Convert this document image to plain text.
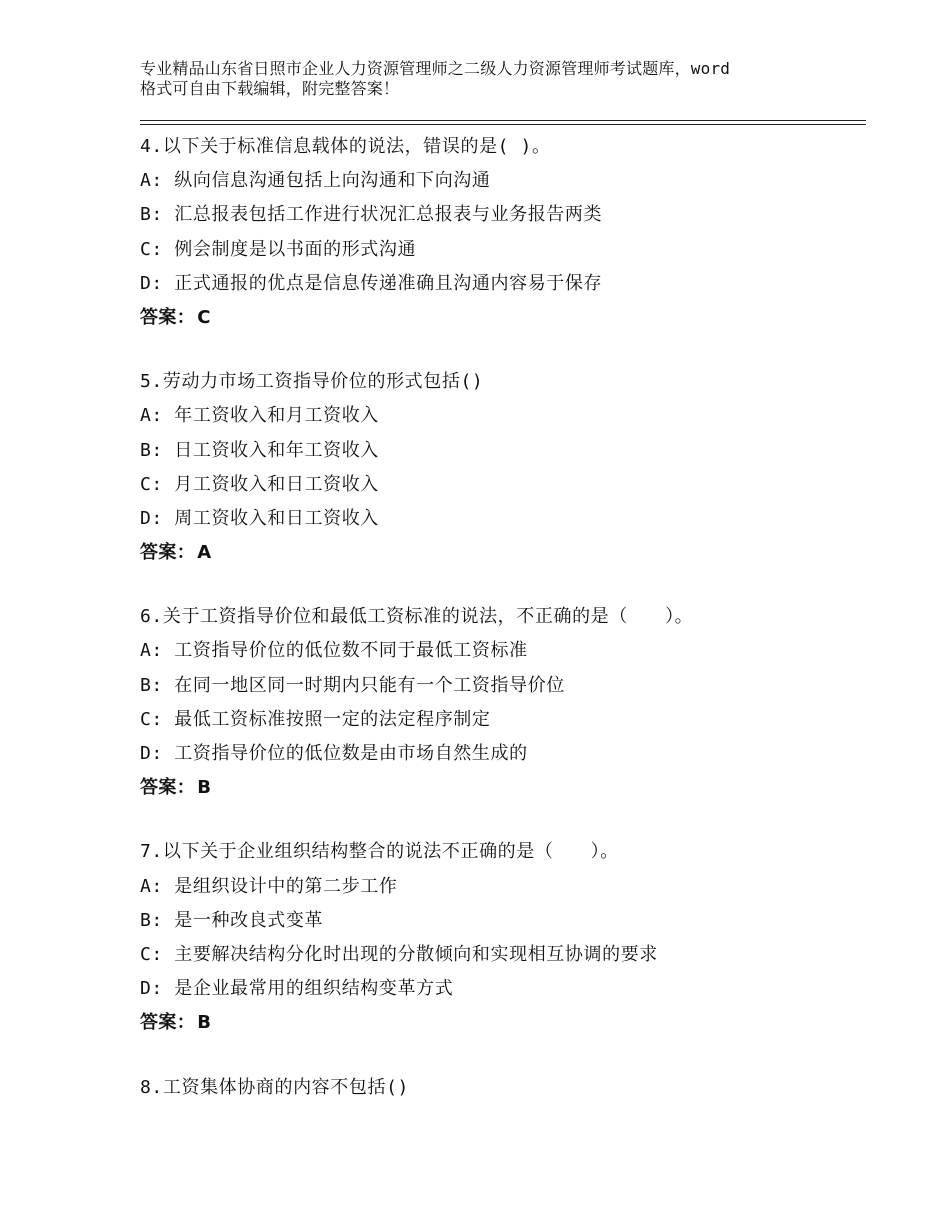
专业精品山东省日照市企业人力资源管理师之二级人力资源管理师考试题库，word
格式可自由下载编辑，附完整答案！
4.以下关于标准信息载体的说法，错误的是( )。
A: 纵向信息沟通包括上向沟通和下向沟通
B: 汇总报表包括工作进行状况汇总报表与业务报告两类
C: 例会制度是以书面的形式沟通
D: 正式通报的优点是信息传递准确且沟通内容易于保存
答案： C
5.劳动力市场工资指导价位的形式包括()
A: 年工资收入和月工资收入
B: 日工资收入和年工资收入
C: 月工资收入和日工资收入
D: 周工资收入和日工资收入
答案： A
6.关于工资指导价位和最低工资标准的说法，不正确的是（　　）。
A: 工资指导价位的低位数不同于最低工资标准
B: 在同一地区同一时期内只能有一个工资指导价位
C: 最低工资标准按照一定的法定程序制定
D: 工资指导价位的低位数是由市场自然生成的
答案： B
7.以下关于企业组织结构整合的说法不正确的是（　　）。
A: 是组织设计中的第二步工作
B: 是一种改良式变革
C: 主要解决结构分化时出现的分散倾向和实现相互协调的要求
D: 是企业最常用的组织结构变革方式
答案： B
8.工资集体协商的内容不包括()
